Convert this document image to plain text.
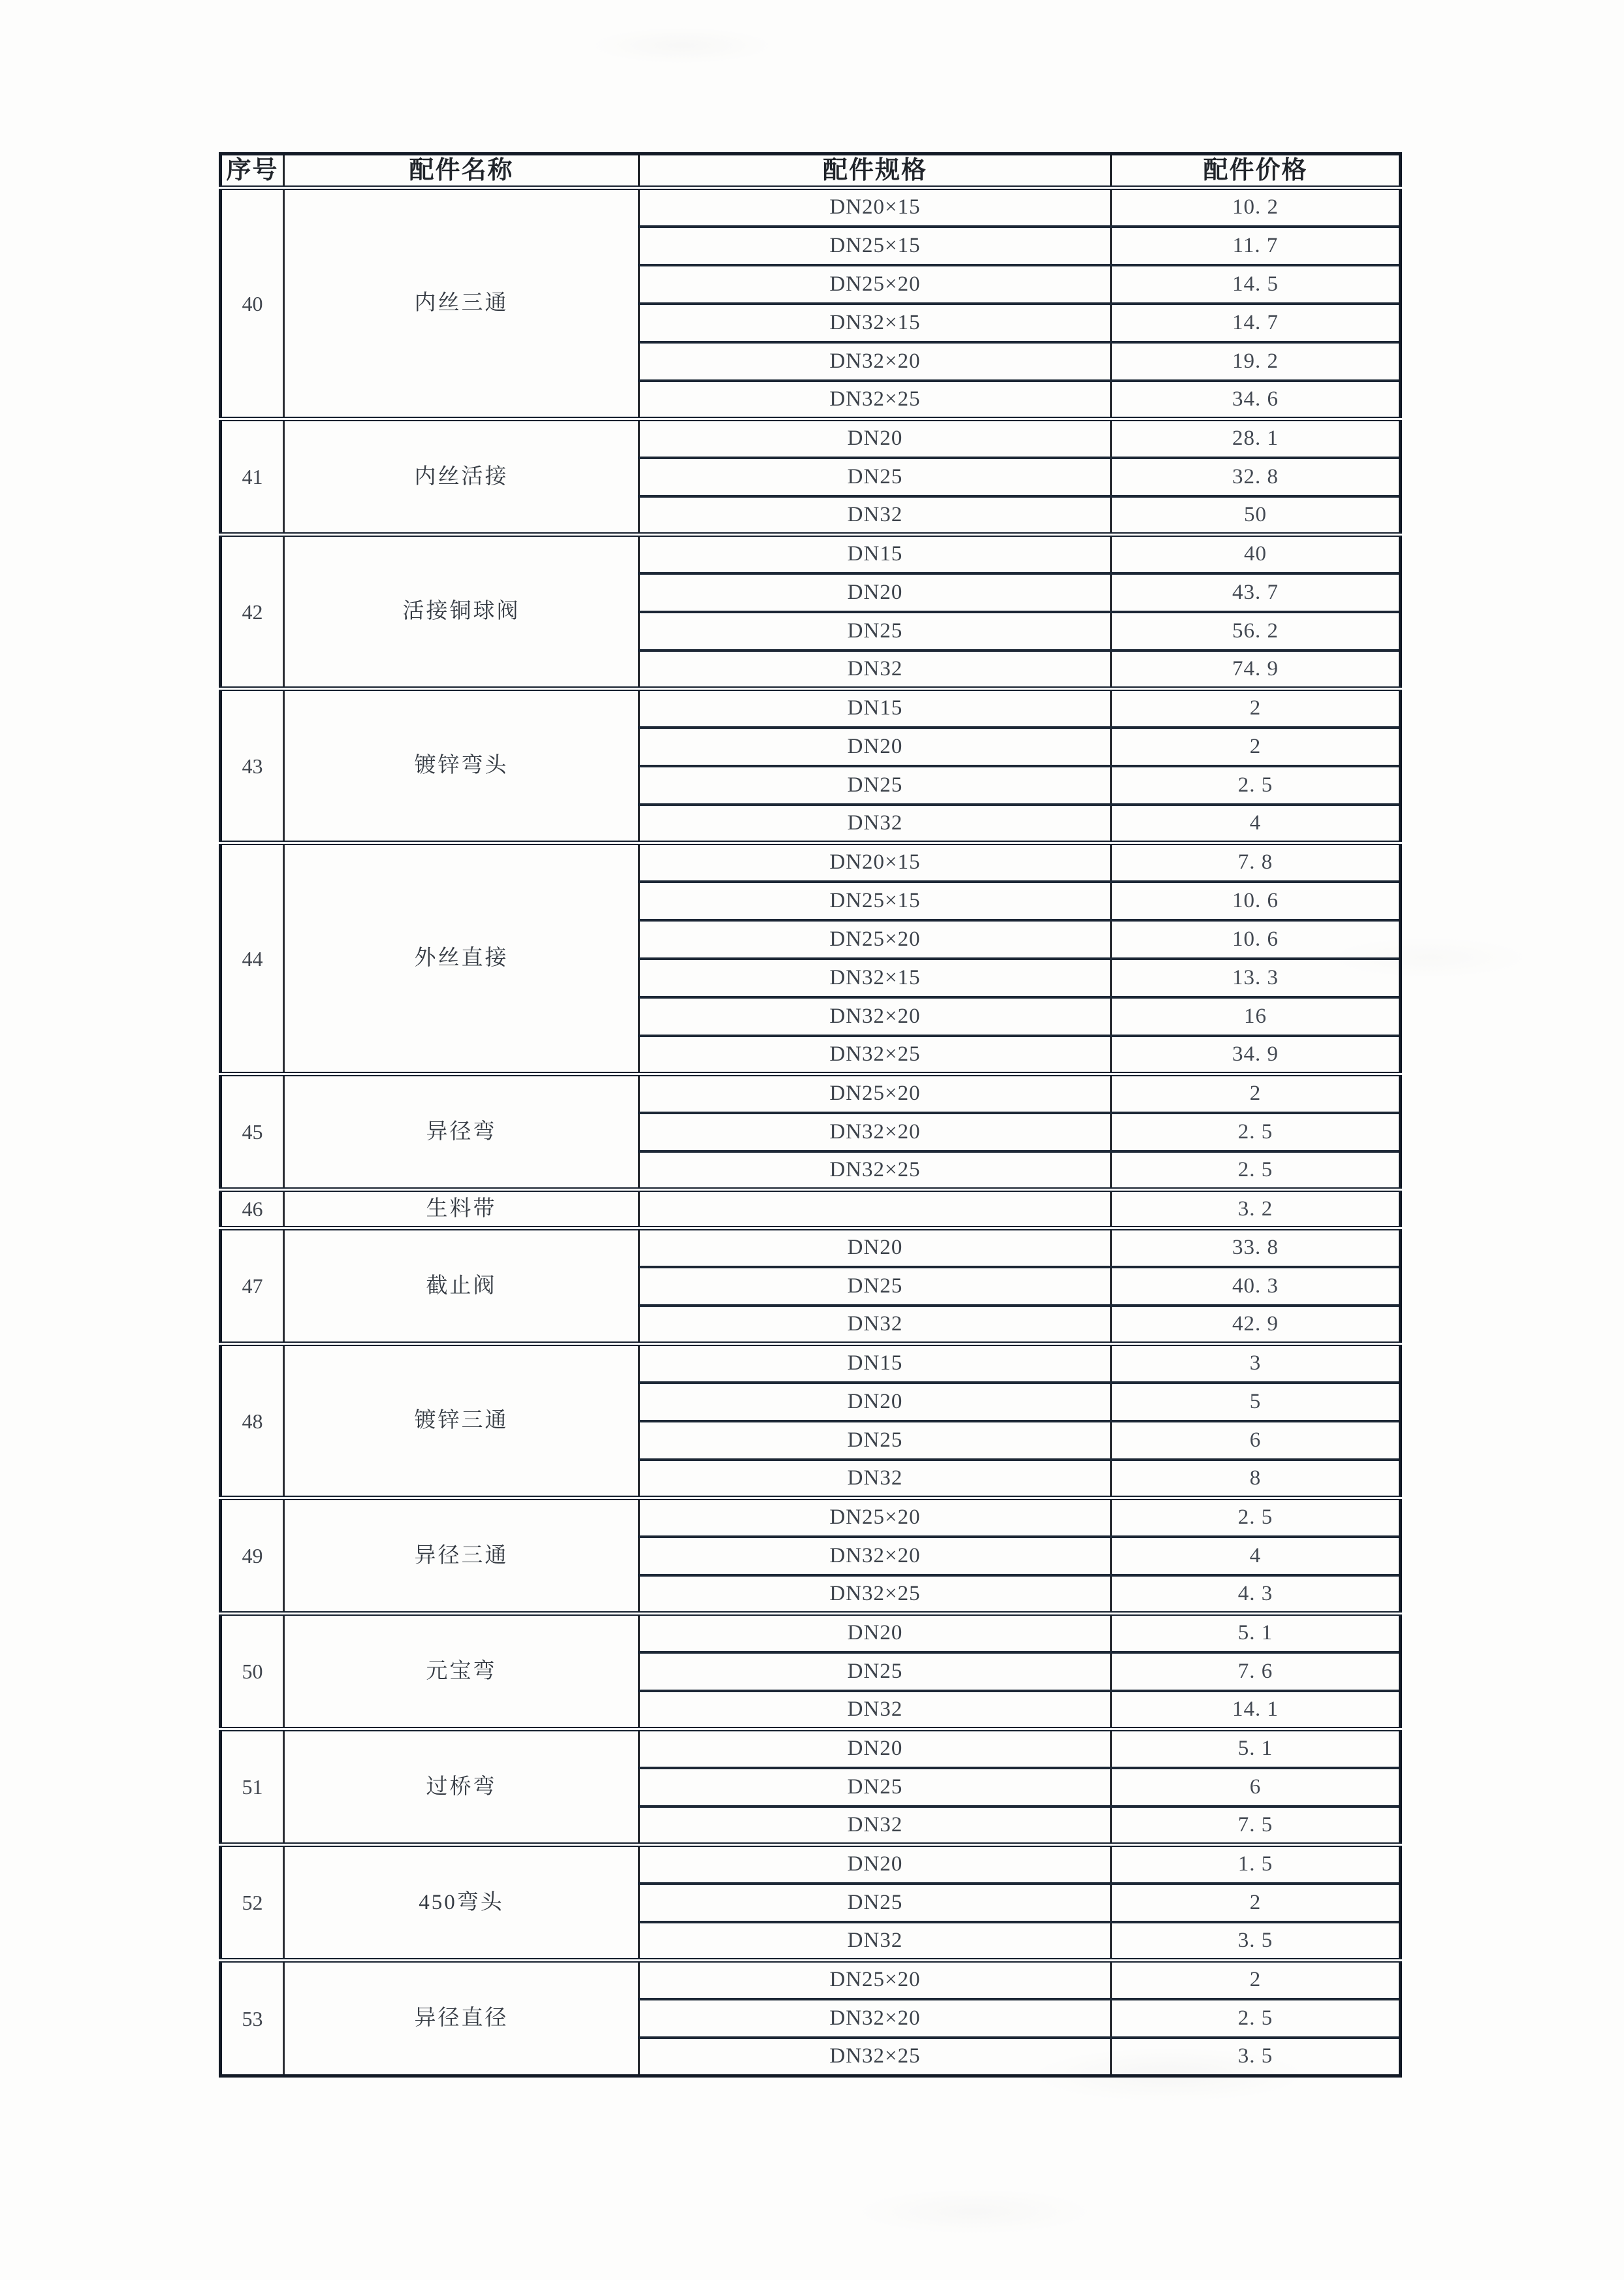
序号	配件名称	配件规格	配件价格
40	内丝三通	DN20×15	10. 2
		DN25×15	11. 7
		DN25×20	14. 5
		DN32×15	14. 7
		DN32×20	19. 2
		DN32×25	34. 6
41	内丝活接	DN20	28. 1
		DN25	32. 8
		DN32	50
42	活接铜球阀	DN15	40
		DN20	43. 7
		DN25	56. 2
		DN32	74. 9
43	镀锌弯头	DN15	2
		DN20	2
		DN25	2. 5
		DN32	4
44	外丝直接	DN20×15	7. 8
		DN25×15	10. 6
		DN25×20	10. 6
		DN32×15	13. 3
		DN32×20	16
		DN32×25	34. 9
45	异径弯	DN25×20	2
		DN32×20	2. 5
		DN32×25	2. 5
46	生料带		3. 2
47	截止阀	DN20	33. 8
		DN25	40. 3
		DN32	42. 9
48	镀锌三通	DN15	3
		DN20	5
		DN25	6
		DN32	8
49	异径三通	DN25×20	2. 5
		DN32×20	4
		DN32×25	4. 3
50	元宝弯	DN20	5. 1
		DN25	7. 6
		DN32	14. 1
51	过桥弯	DN20	5. 1
		DN25	6
		DN32	7. 5
52	450弯头	DN20	1. 5
		DN25	2
		DN32	3. 5
53	异径直径	DN25×20	2
		DN32×20	2. 5
		DN32×25	3. 5
